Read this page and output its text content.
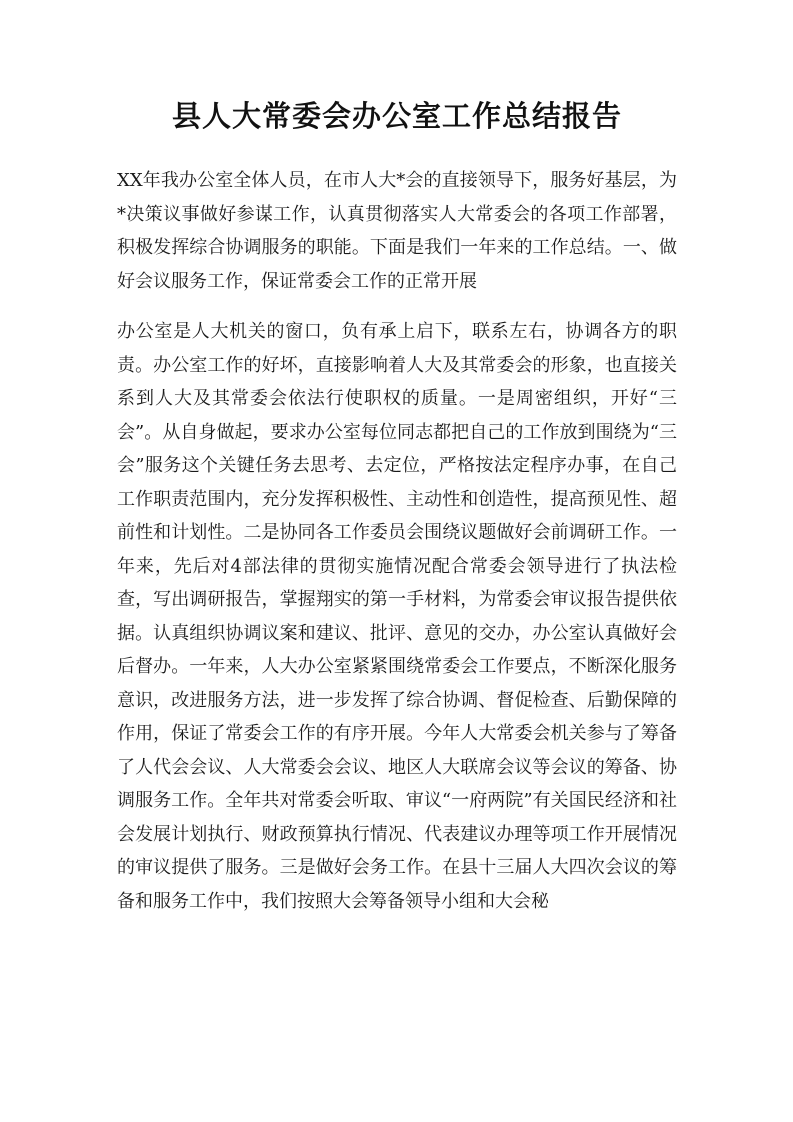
县人大常委会办公室工作总结报告

XX年我办公室全体人员，在市人大*会的直接领导下，服务好基层，为*决策议事做好参谋工作，认真贯彻落实人大常委会的各项工作部署，积极发挥综合协调服务的职能。下面是我们一年来的工作总结。一、做好会议服务工作，保证常委会工作的正常开展

办公室是人大机关的窗口，负有承上启下，联系左右，协调各方的职责。办公室工作的好坏，直接影响着人大及其常委会的形象，也直接关系到人大及其常委会依法行使职权的质量。一是周密组织，开好“三会”。从自身做起，要求办公室每位同志都把自己的工作放到围绕为“三会”服务这个关键任务去思考、去定位，严格按法定程序办事，在自己工作职责范围内，充分发挥积极性、主动性和创造性，提高预见性、超前性和计划性。二是协同各工作委员会围绕议题做好会前调研工作。一年来，先后对4部法律的贯彻实施情况配合常委会领导进行了执法检查，写出调研报告，掌握翔实的第一手材料，为常委会审议报告提供依据。认真组织协调议案和建议、批评、意见的交办，办公室认真做好会后督办。一年来，人大办公室紧紧围绕常委会工作要点，不断深化服务意识，改进服务方法，进一步发挥了综合协调、督促检查、后勤保障的作用，保证了常委会工作的有序开展。今年人大常委会机关参与了筹备了人代会会议、人大常委会会议、地区人大联席会议等会议的筹备、协调服务工作。全年共对常委会听取、审议“一府两院”有关国民经济和社会发展计划执行、财政预算执行情况、代表建议办理等项工作开展情况的审议提供了服务。三是做好会务工作。在县十三届人大四次会议的筹备和服务工作中，我们按照大会筹备领导小组和大会秘
